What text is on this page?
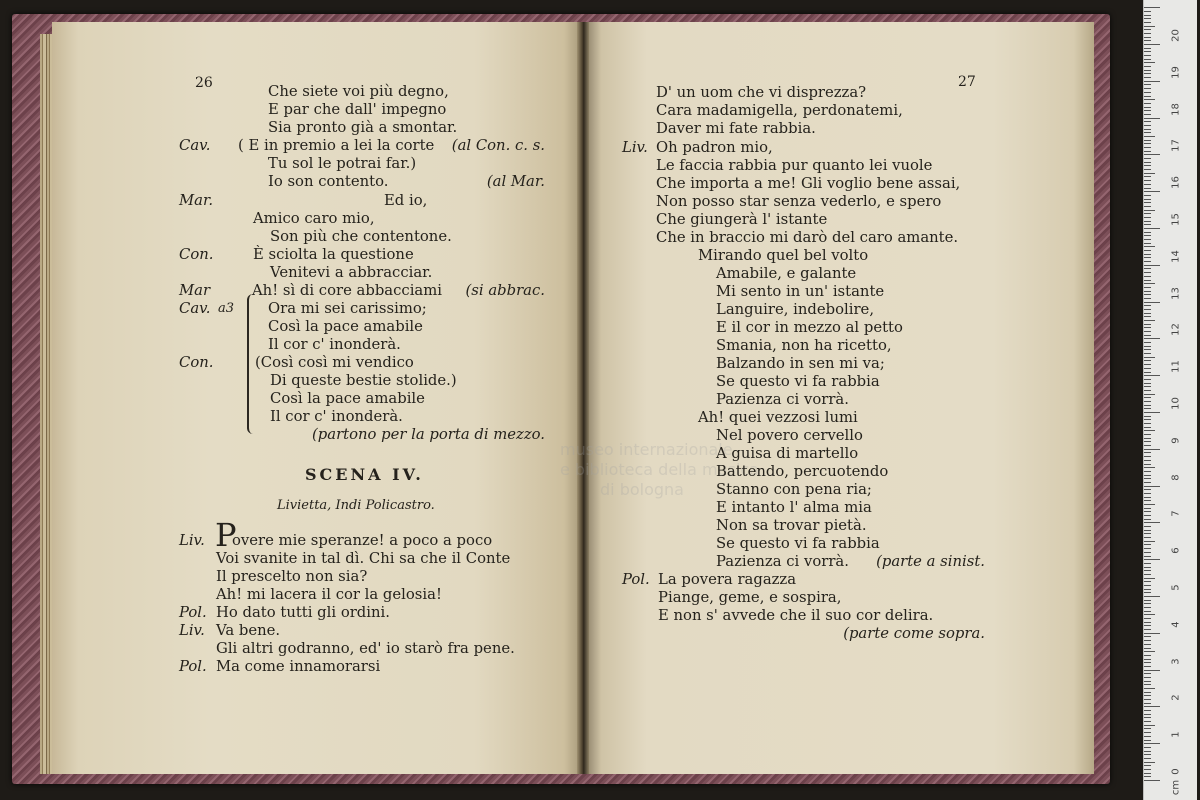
museo internazionale
e biblioteca della musica
di bologna
26	27
a3
SCENA IV.
Livietta, Indi Policastro.
0
1
2
3
4
5
6
7
8
9
10
11
12
13
14
15
16
17
18
19
20
cm
Che siete voi più degno,
E par che dall' impegno
Sia pronto già a smontar.
Cav. ( E in premio a lei la corte (al Con. c. s.
Tu sol le potrai far.)
Io son contento.	(al Mar.
Mar.	Ed io,
Amico caro mio,
Son più che contentone.
Con.	È sciolta la questione
Venitevi a abbracciar.
Mar	Ah! sì di core abbacciami (si abbrac.
Cav.	Ora mi sei carissimo;
Così la pace amabile
Il cor c' inonderà.
Con.	(Così così mi vendico
Di queste bestie stolide.)
Così la pace amabile
Il cor c' inonderà.
(partono per la porta di mezzo.
Liv. P
overe mie speranze! a poco a poco
Voi svanite in tal dì. Chi sa che il Conte
Il prescelto non sia?
Ah! mi lacera il cor la gelosia!
Pol. Ho dato tutti gli ordini.
Liv. Va bene.
Gli altri godranno, ed' io starò fra pene.
Pol. Ma come innamorarsi
D' un uom che vi disprezza?
Cara madamigella, perdonatemi,
Daver mi fate rabbia.
Liv. Oh padron mio,
Le faccia rabbia pur quanto lei vuole
Che importa a me! Gli voglio bene assai,
Non posso star senza vederlo, e spero
Che giungerà l' istante
Che in braccio mi darò del caro amante.
Mirando quel bel volto
Amabile, e galante
Mi sento in un' istante
Languire, indebolire,
E il cor in mezzo al petto
Smania, non ha ricetto,
Balzando in sen mi va;
Se questo vi fa rabbia
Pazienza ci vorrà.
Ah! quei vezzosi lumi
Nel povero cervello
A guisa di martello
Battendo, percuotendo
Stanno con pena ria;
E intanto l' alma mia
Non sa trovar pietà.
Se questo vi fa rabbia
Pazienza ci vorrà. (parte a sinist.
Pol. La povera ragazza
Piange, geme, e sospira,
E non s' avvede che il suo cor delira.
(parte come sopra.
